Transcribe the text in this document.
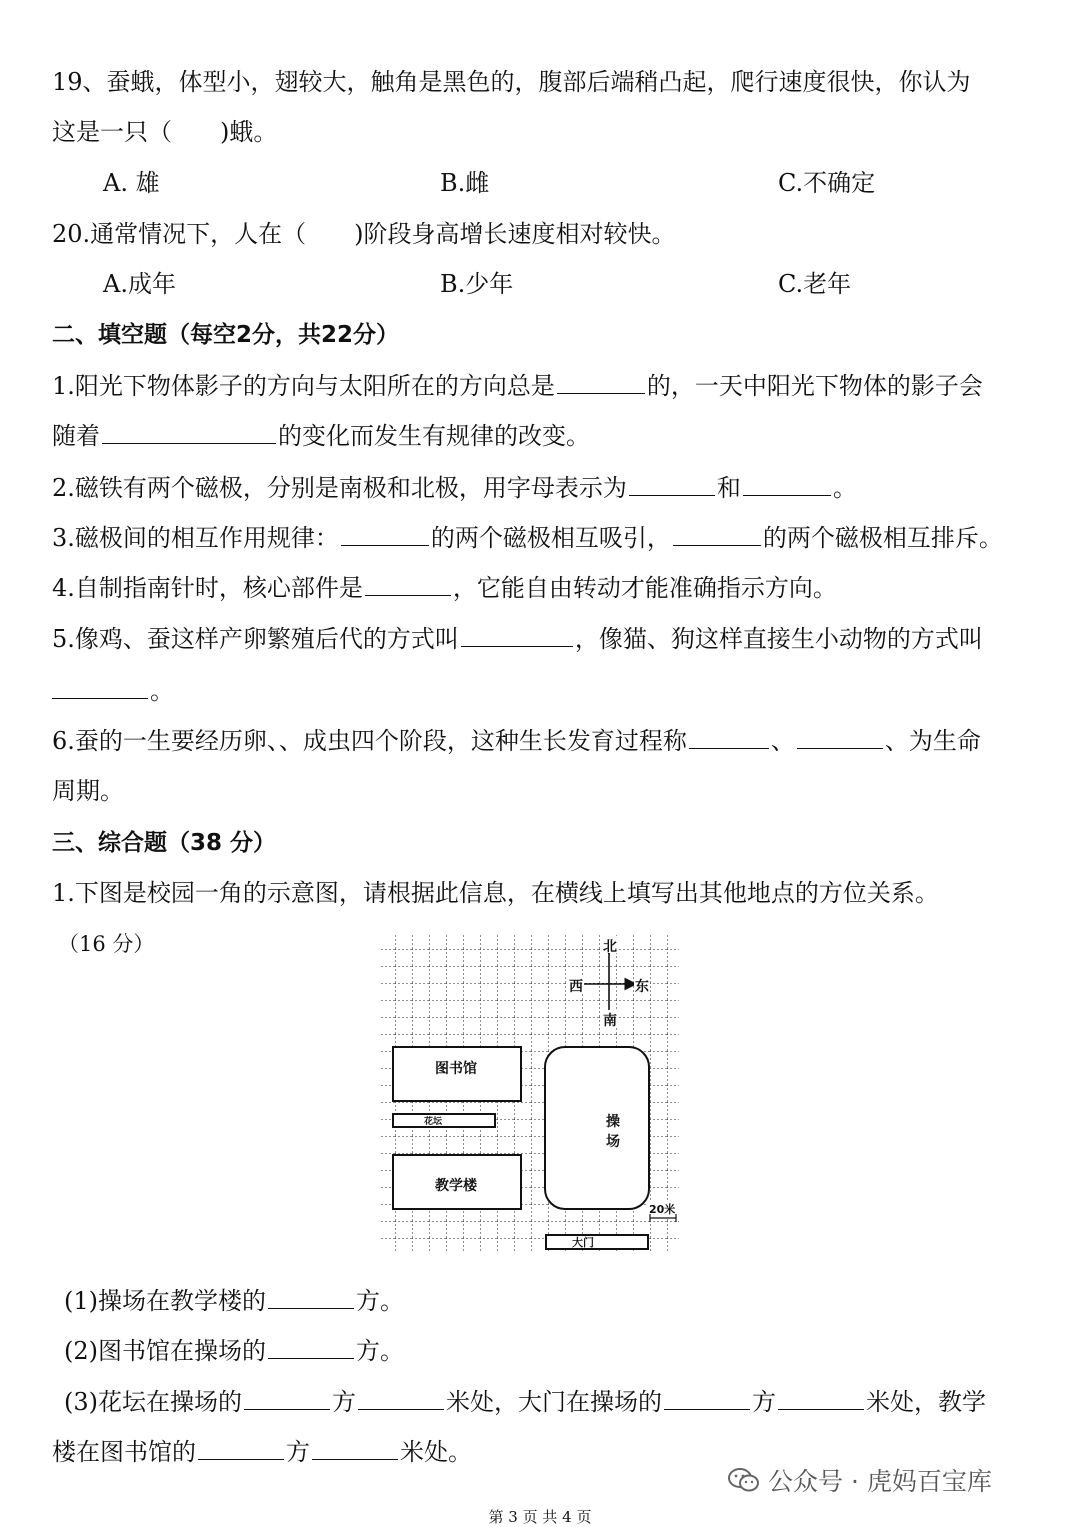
19、蚕蛾，体型小，翅较大，触角是黑色的，腹部后端稍凸起，爬行速度很快，你认为
这是一只（　　)蛾。
A. 雄	B.雌	C.不确定
20.通常情况下，人在（　　)阶段身高增长速度相对较快。
A.成年	B.少年	C.老年
二、填空题（每空2分，共22分）
1.阳光下物体影子的方向与太阳所在的方向总是	的，一天中阳光下物体的影子会
随着	的变化而发生有规律的改变。
2.磁铁有两个磁极，分别是南极和北极，用字母表示为	和	。
3.磁极间的相互作用规律：	的两个磁极相互吸引，	的两个磁极相互排斥。
4.自制指南针时，核心部件是	，它能自由转动才能准确指示方向。
5.像鸡、蚕这样产卵繁殖后代的方式叫	，像猫、狗这样直接生小动物的方式叫
。
6.蚕的一生要经历卵、、成虫四个阶段，这种生长发育过程称	、	、为生命
周期。
三、综合题（38 分）
1.下图是校园一角的示意图，请根据此信息，在横线上填写出其他地点的方位关系。
（16 分）	北
西	东
南
图书馆
花坛
教学楼
操
场
20米
大门
(1)操场在教学楼的	方。
(2)图书馆在操场的	方。
(3)花坛在操场的	方	米处，大门在操场的	方	米处，教学
楼在图书馆的	方	米处。
公众号 · 虎妈百宝库
第 3 页 共 4 页
